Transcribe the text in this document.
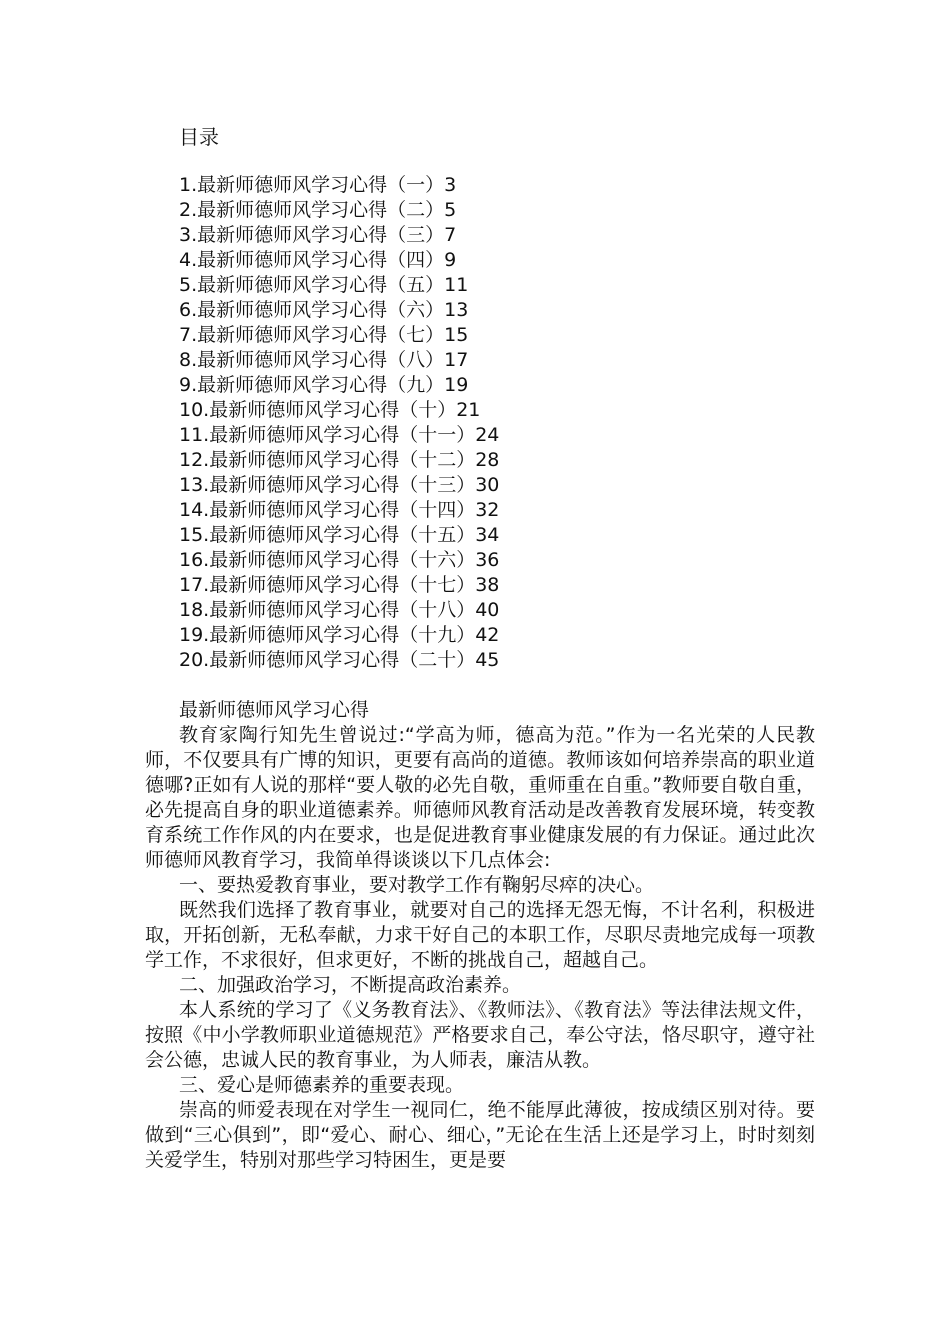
目录
1.最新师德师风学习心得（一）3
2.最新师德师风学习心得（二）5
3.最新师德师风学习心得（三）7
4.最新师德师风学习心得（四）9
5.最新师德师风学习心得（五）11
6.最新师德师风学习心得（六）13
7.最新师德师风学习心得（七）15
8.最新师德师风学习心得（八）17
9.最新师德师风学习心得（九）19
10.最新师德师风学习心得（十）21
11.最新师德师风学习心得（十一）24
12.最新师德师风学习心得（十二）28
13.最新师德师风学习心得（十三）30
14.最新师德师风学习心得（十四）32
15.最新师德师风学习心得（十五）34
16.最新师德师风学习心得（十六）36
17.最新师德师风学习心得（十七）38
18.最新师德师风学习心得（十八）40
19.最新师德师风学习心得（十九）42
20.最新师德师风学习心得（二十）45
最新师德师风学习心得

教育家陶行知先生曾说过:“学高为师，德高为范。”作为一名光荣的人民教师，不仅要具有广博的知识，更要有高尚的道德。教师该如何培养崇高的职业道德哪?正如有人说的那样“要人敬的必先自敬，重师重在自重。”教师要自敬自重，必先提高自身的职业道德素养。师德师风教育活动是改善教育发展环境，转变教育系统工作作风的内在要求，也是促进教育事业健康发展的有力保证。通过此次师德师风教育学习，我简单得谈谈以下几点体会:

一、要热爱教育事业，要对教学工作有鞠躬尽瘁的决心。

既然我们选择了教育事业，就要对自己的选择无怨无悔，不计名利，积极进取，开拓创新，无私奉献，力求干好自己的本职工作，尽职尽责地完成每一项教学工作，不求很好，但求更好，不断的挑战自己，超越自己。

二、加强政治学习，不断提高政治素养。

本人系统的学习了《义务教育法》、《教师法》、《教育法》等法律法规文件，按照《中小学教师职业道德规范》严格要求自己，奉公守法，恪尽职守，遵守社会公德，忠诚人民的教育事业，为人师表，廉洁从教。

三、爱心是师德素养的重要表现。

崇高的师爱表现在对学生一视同仁，绝不能厚此薄彼，按成绩区别对待。要做到“三心俱到”，即“爱心、耐心、细心，”无论在生活上还是学习上，时时刻刻关爱学生，特别对那些学习特困生，更是要
